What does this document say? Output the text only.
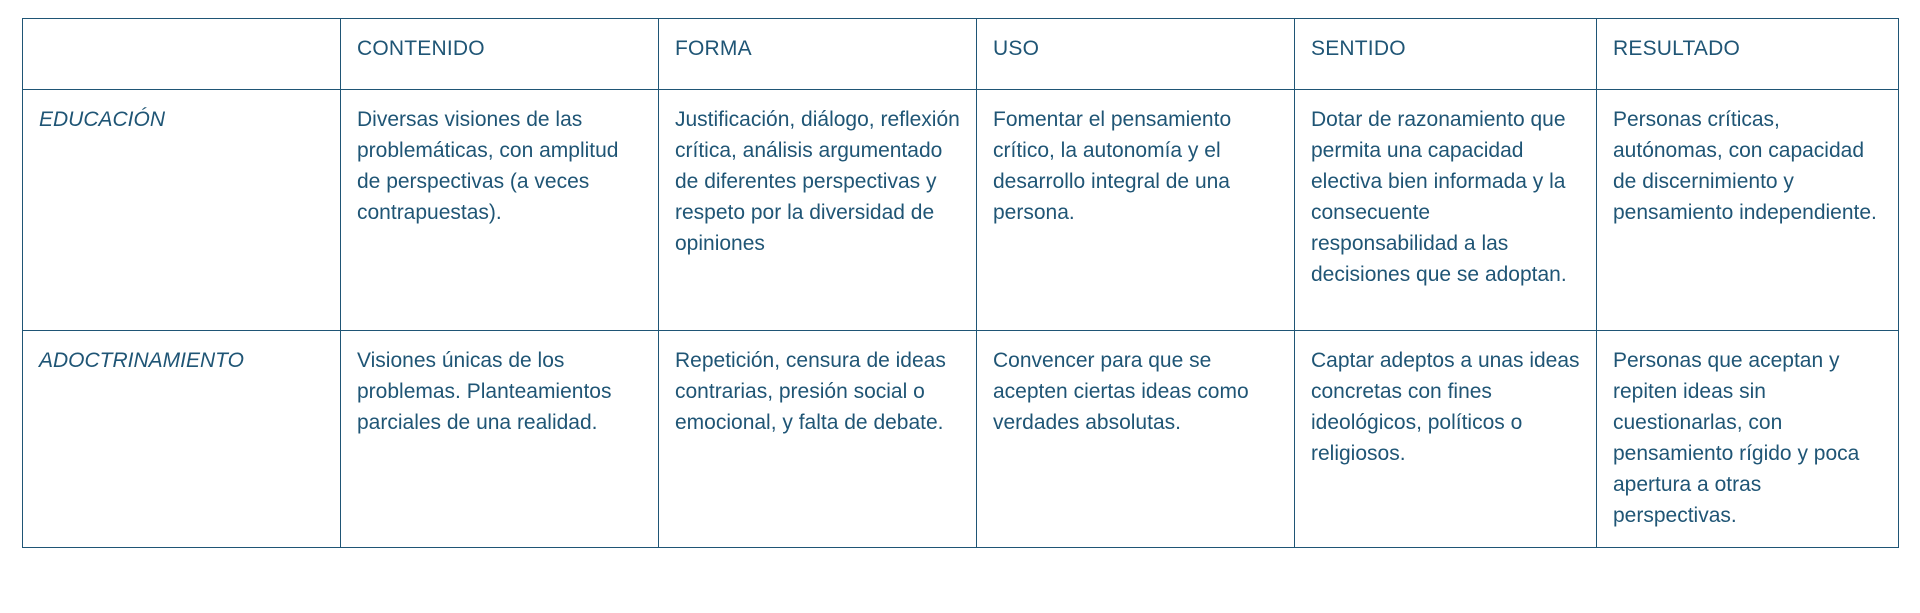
	CONTENIDO	FORMA	USO	SENTIDO	RESULTADO
EDUCACIÓN	Diversas visiones de las problemáticas, con amplitud de perspectivas (a veces contrapuestas).	Justificación, diálogo, reflexión crítica, análisis argumentado de diferentes perspectivas y respeto por la diversidad de opiniones	Fomentar el pensamiento crítico, la autonomía y el desarrollo integral de una persona.	Dotar de razonamiento que permita una capacidad electiva bien informada y la consecuente responsabilidad a las decisiones que se adoptan.	Personas críticas, autónomas, con capacidad de discernimiento y pensamiento independiente.

ADOCTRINAMIENTO	Visiones únicas de los problemas. Planteamientos parciales de una realidad.	Repetición, censura de ideas contrarias, presión social o emocional, y falta de debate.	Convencer para que se acepten ciertas ideas como verdades absolutas.	Captar adeptos a unas ideas concretas con fines ideológicos, políticos o religiosos.	Personas que aceptan y repiten ideas sin cuestionarlas, con pensamiento rígido y poca apertura a otras perspectivas.
